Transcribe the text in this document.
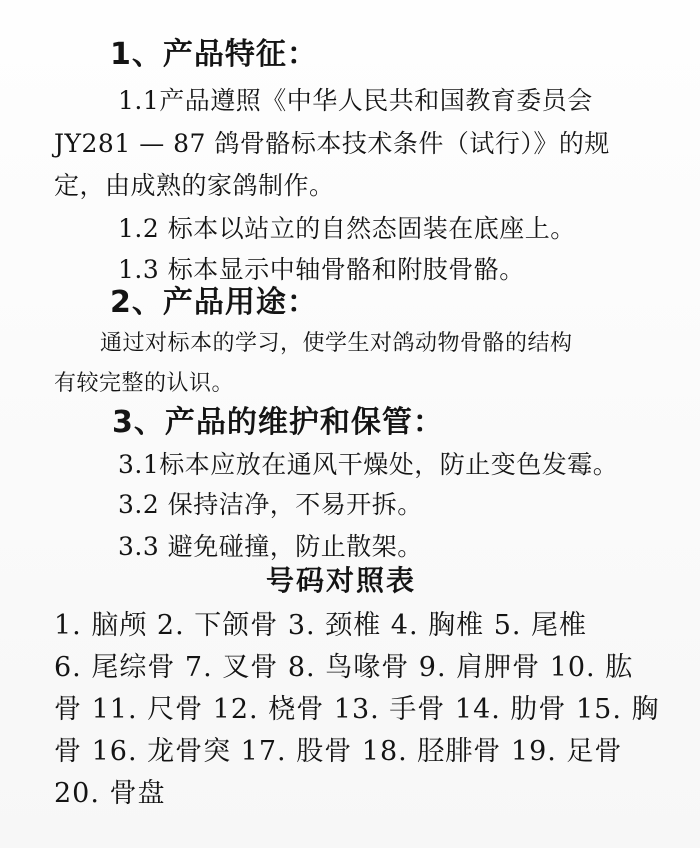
1、产品特征：
1.1产品遵照《中华人民共和国教育委员会
JY281 — 87 鸽骨骼标本技术条件（试行）》的规
定，由成熟的家鸽制作。
1.2 标本以站立的自然态固装在底座上。
1.3 标本显示中轴骨骼和附肢骨骼。
2、产品用途：
通过对标本的学习，使学生对鸽动物骨骼的结构
有较完整的认识。
3、产品的维护和保管：
3.1标本应放在通风干燥处，防止变色发霉。
3.2 保持洁净，不易开拆。
3.3 避免碰撞，防止散架。
号码对照表
1. 脑颅 2. 下颌骨 3. 颈椎 4. 胸椎 5. 尾椎
6. 尾综骨 7. 叉骨 8. 鸟喙骨 9. 肩胛骨 10. 肱
骨 11. 尺骨 12. 桡骨 13. 手骨 14. 肋骨 15. 胸
骨 16. 龙骨突 17. 股骨 18. 胫腓骨 19. 足骨
20. 骨盘
